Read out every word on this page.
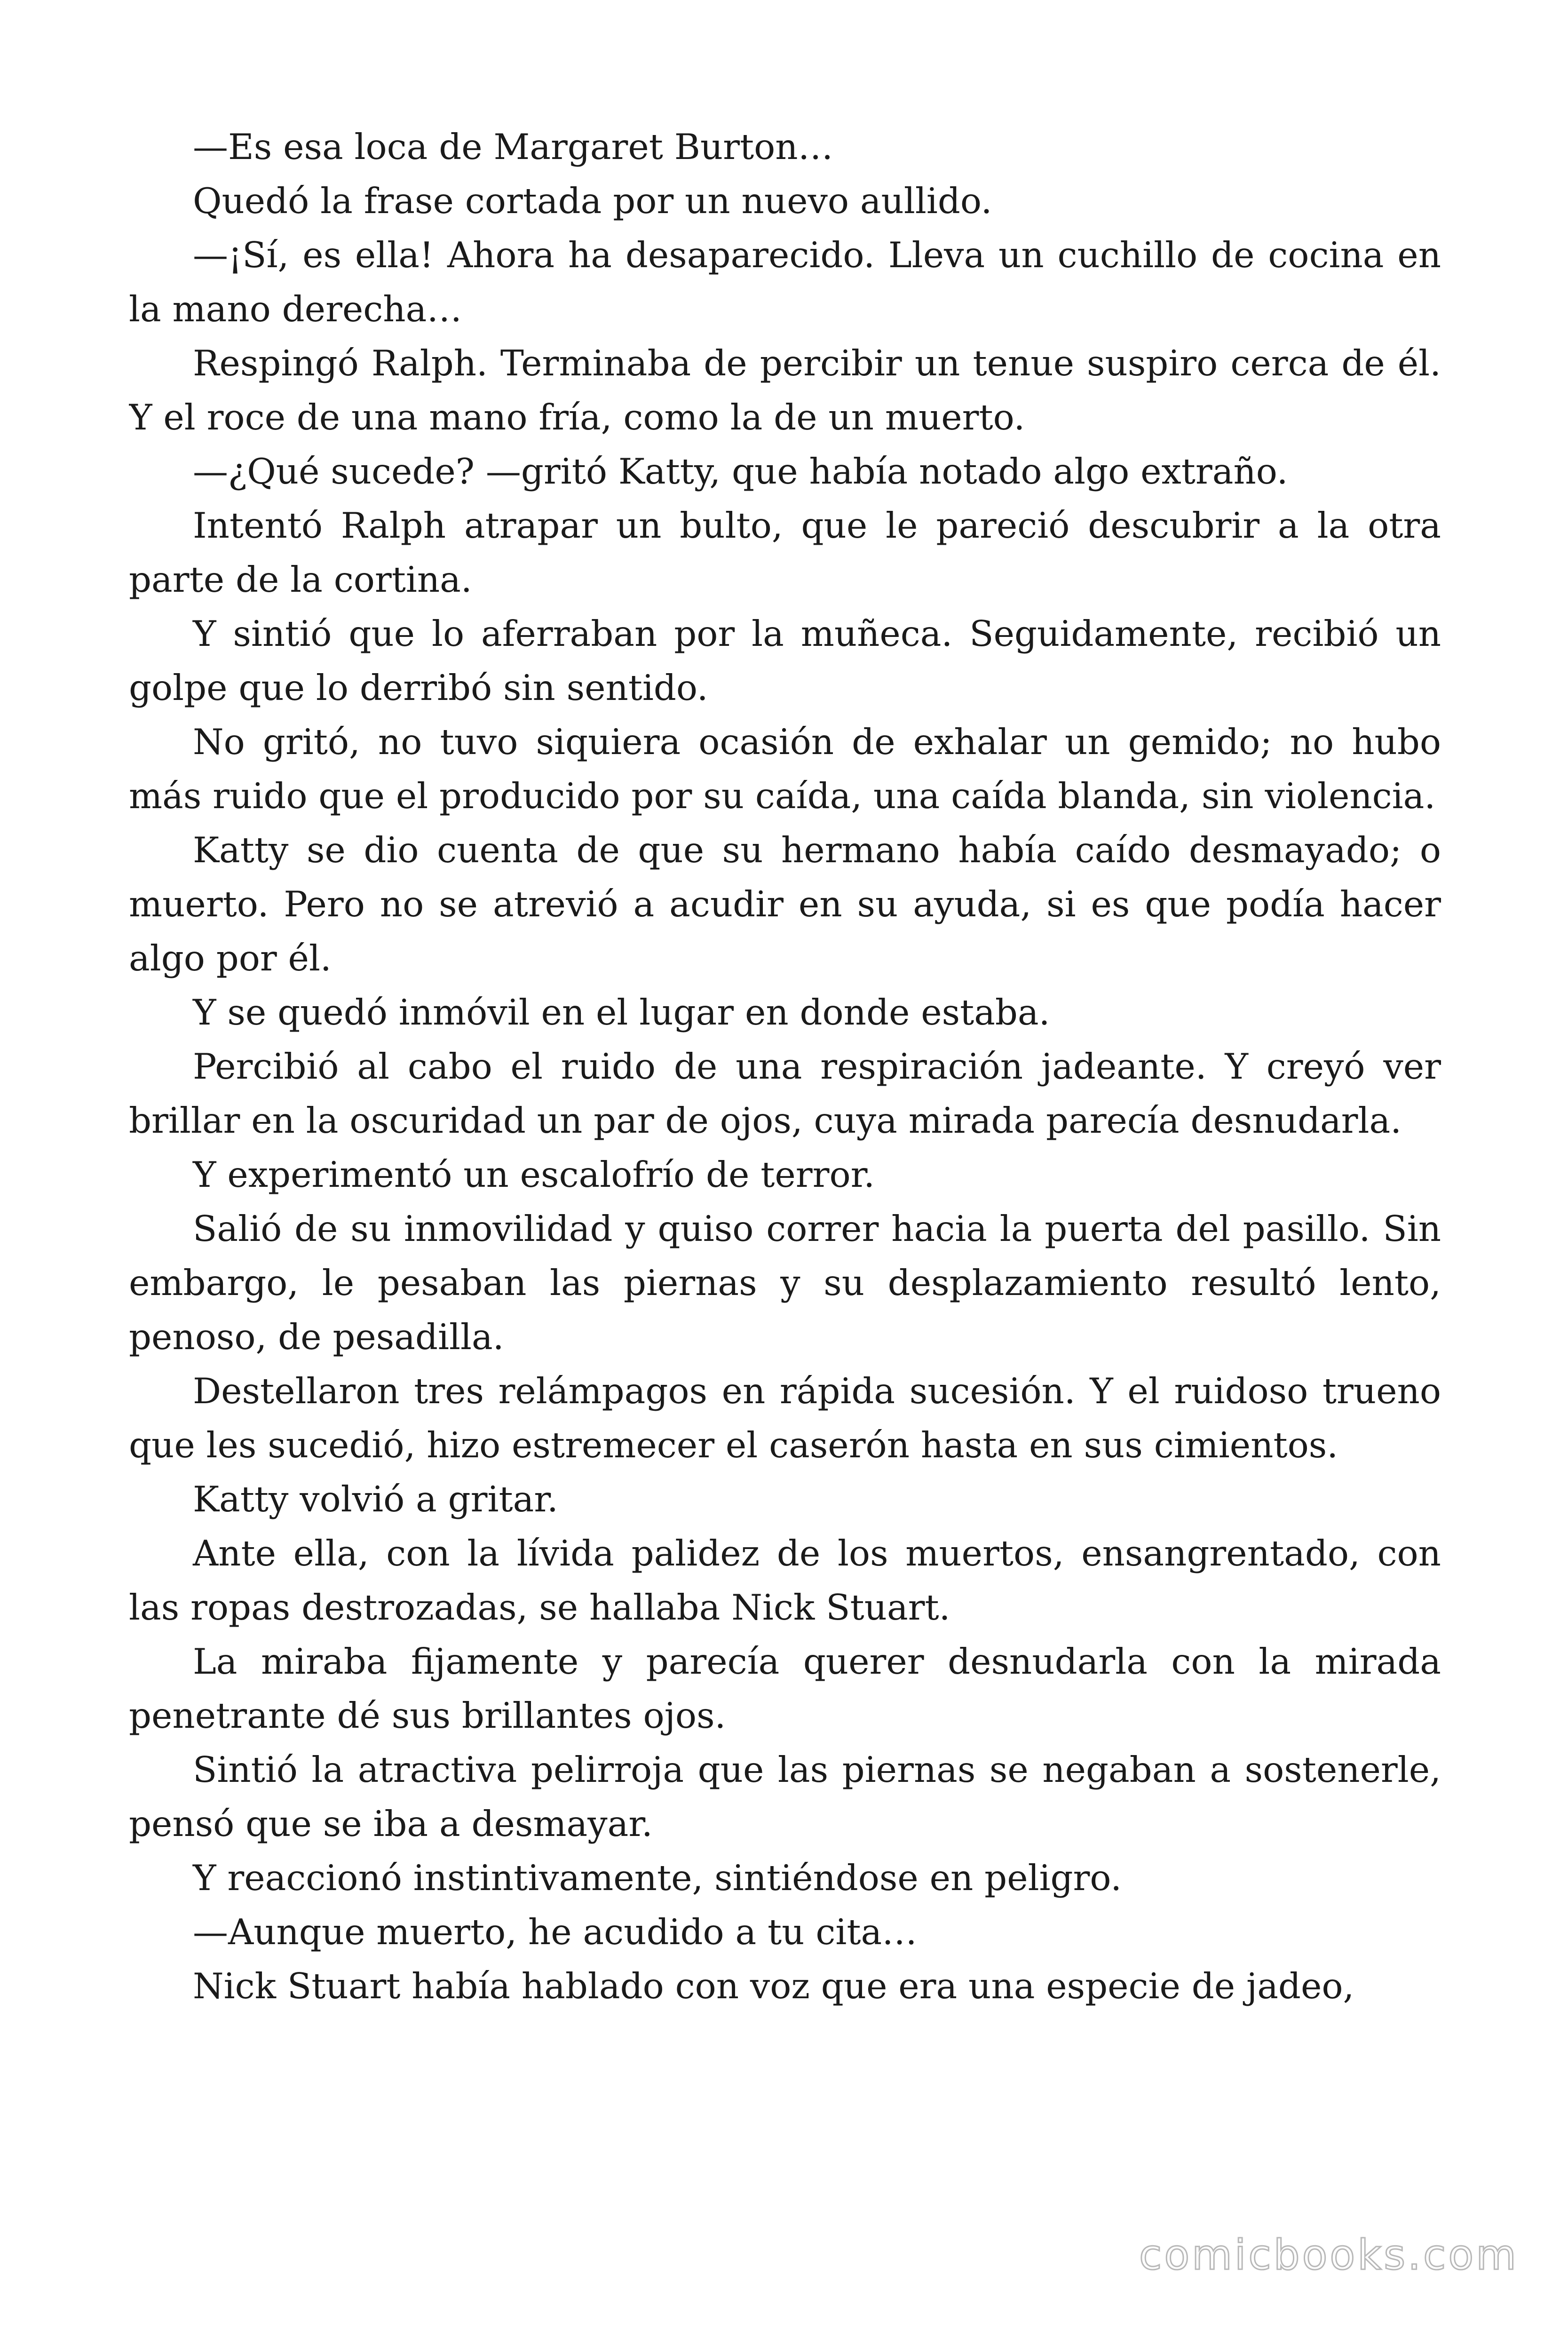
—Es esa loca de Margaret Burton…

Quedó la frase cortada por un nuevo aullido.

—¡Sí, es ella! Ahora ha desaparecido. Lleva un cuchillo de cocina en la mano derecha…

Respingó Ralph. Terminaba de percibir un tenue suspiro cerca de él. Y el roce de una mano fría, como la de un muerto.

—¿Qué sucede? —gritó Katty, que había notado algo extraño.

Intentó Ralph atrapar un bulto, que le pareció descubrir a la otra parte de la cortina.

Y sintió que lo aferraban por la muñeca. Seguidamente, recibió un golpe que lo derribó sin sentido.

No gritó, no tuvo siquiera ocasión de exhalar un gemido; no hubo más ruido que el producido por su caída, una caída blanda, sin violencia.

Katty se dio cuenta de que su hermano había caído desmayado; o muerto. Pero no se atrevió a acudir en su ayuda, si es que podía hacer algo por él.

Y se quedó inmóvil en el lugar en donde estaba.

Percibió al cabo el ruido de una respiración jadeante. Y creyó ver brillar en la oscuridad un par de ojos, cuya mirada parecía desnudarla.

Y experimentó un escalofrío de terror.

Salió de su inmovilidad y quiso correr hacia la puerta del pasillo. Sin embargo, le pesaban las piernas y su desplazamiento resultó lento, penoso, de pesadilla.

Destellaron tres relámpagos en rápida sucesión. Y el ruidoso trueno que les sucedió, hizo estremecer el caserón hasta en sus cimientos.

Katty volvió a gritar.

Ante ella, con la lívida palidez de los muertos, ensangrentado, con las ropas destrozadas, se hallaba Nick Stuart.

La miraba fijamente y parecía querer desnudarla con la mirada penetrante dé sus brillantes ojos.

Sintió la atractiva pelirroja que las piernas se negaban a sostenerle, pensó que se iba a desmayar.

Y reaccionó instintivamente, sintiéndose en peligro.

—Aunque muerto, he acudido a tu cita…

Nick Stuart había hablado con voz que era una especie de jadeo,

comicbooks.com
